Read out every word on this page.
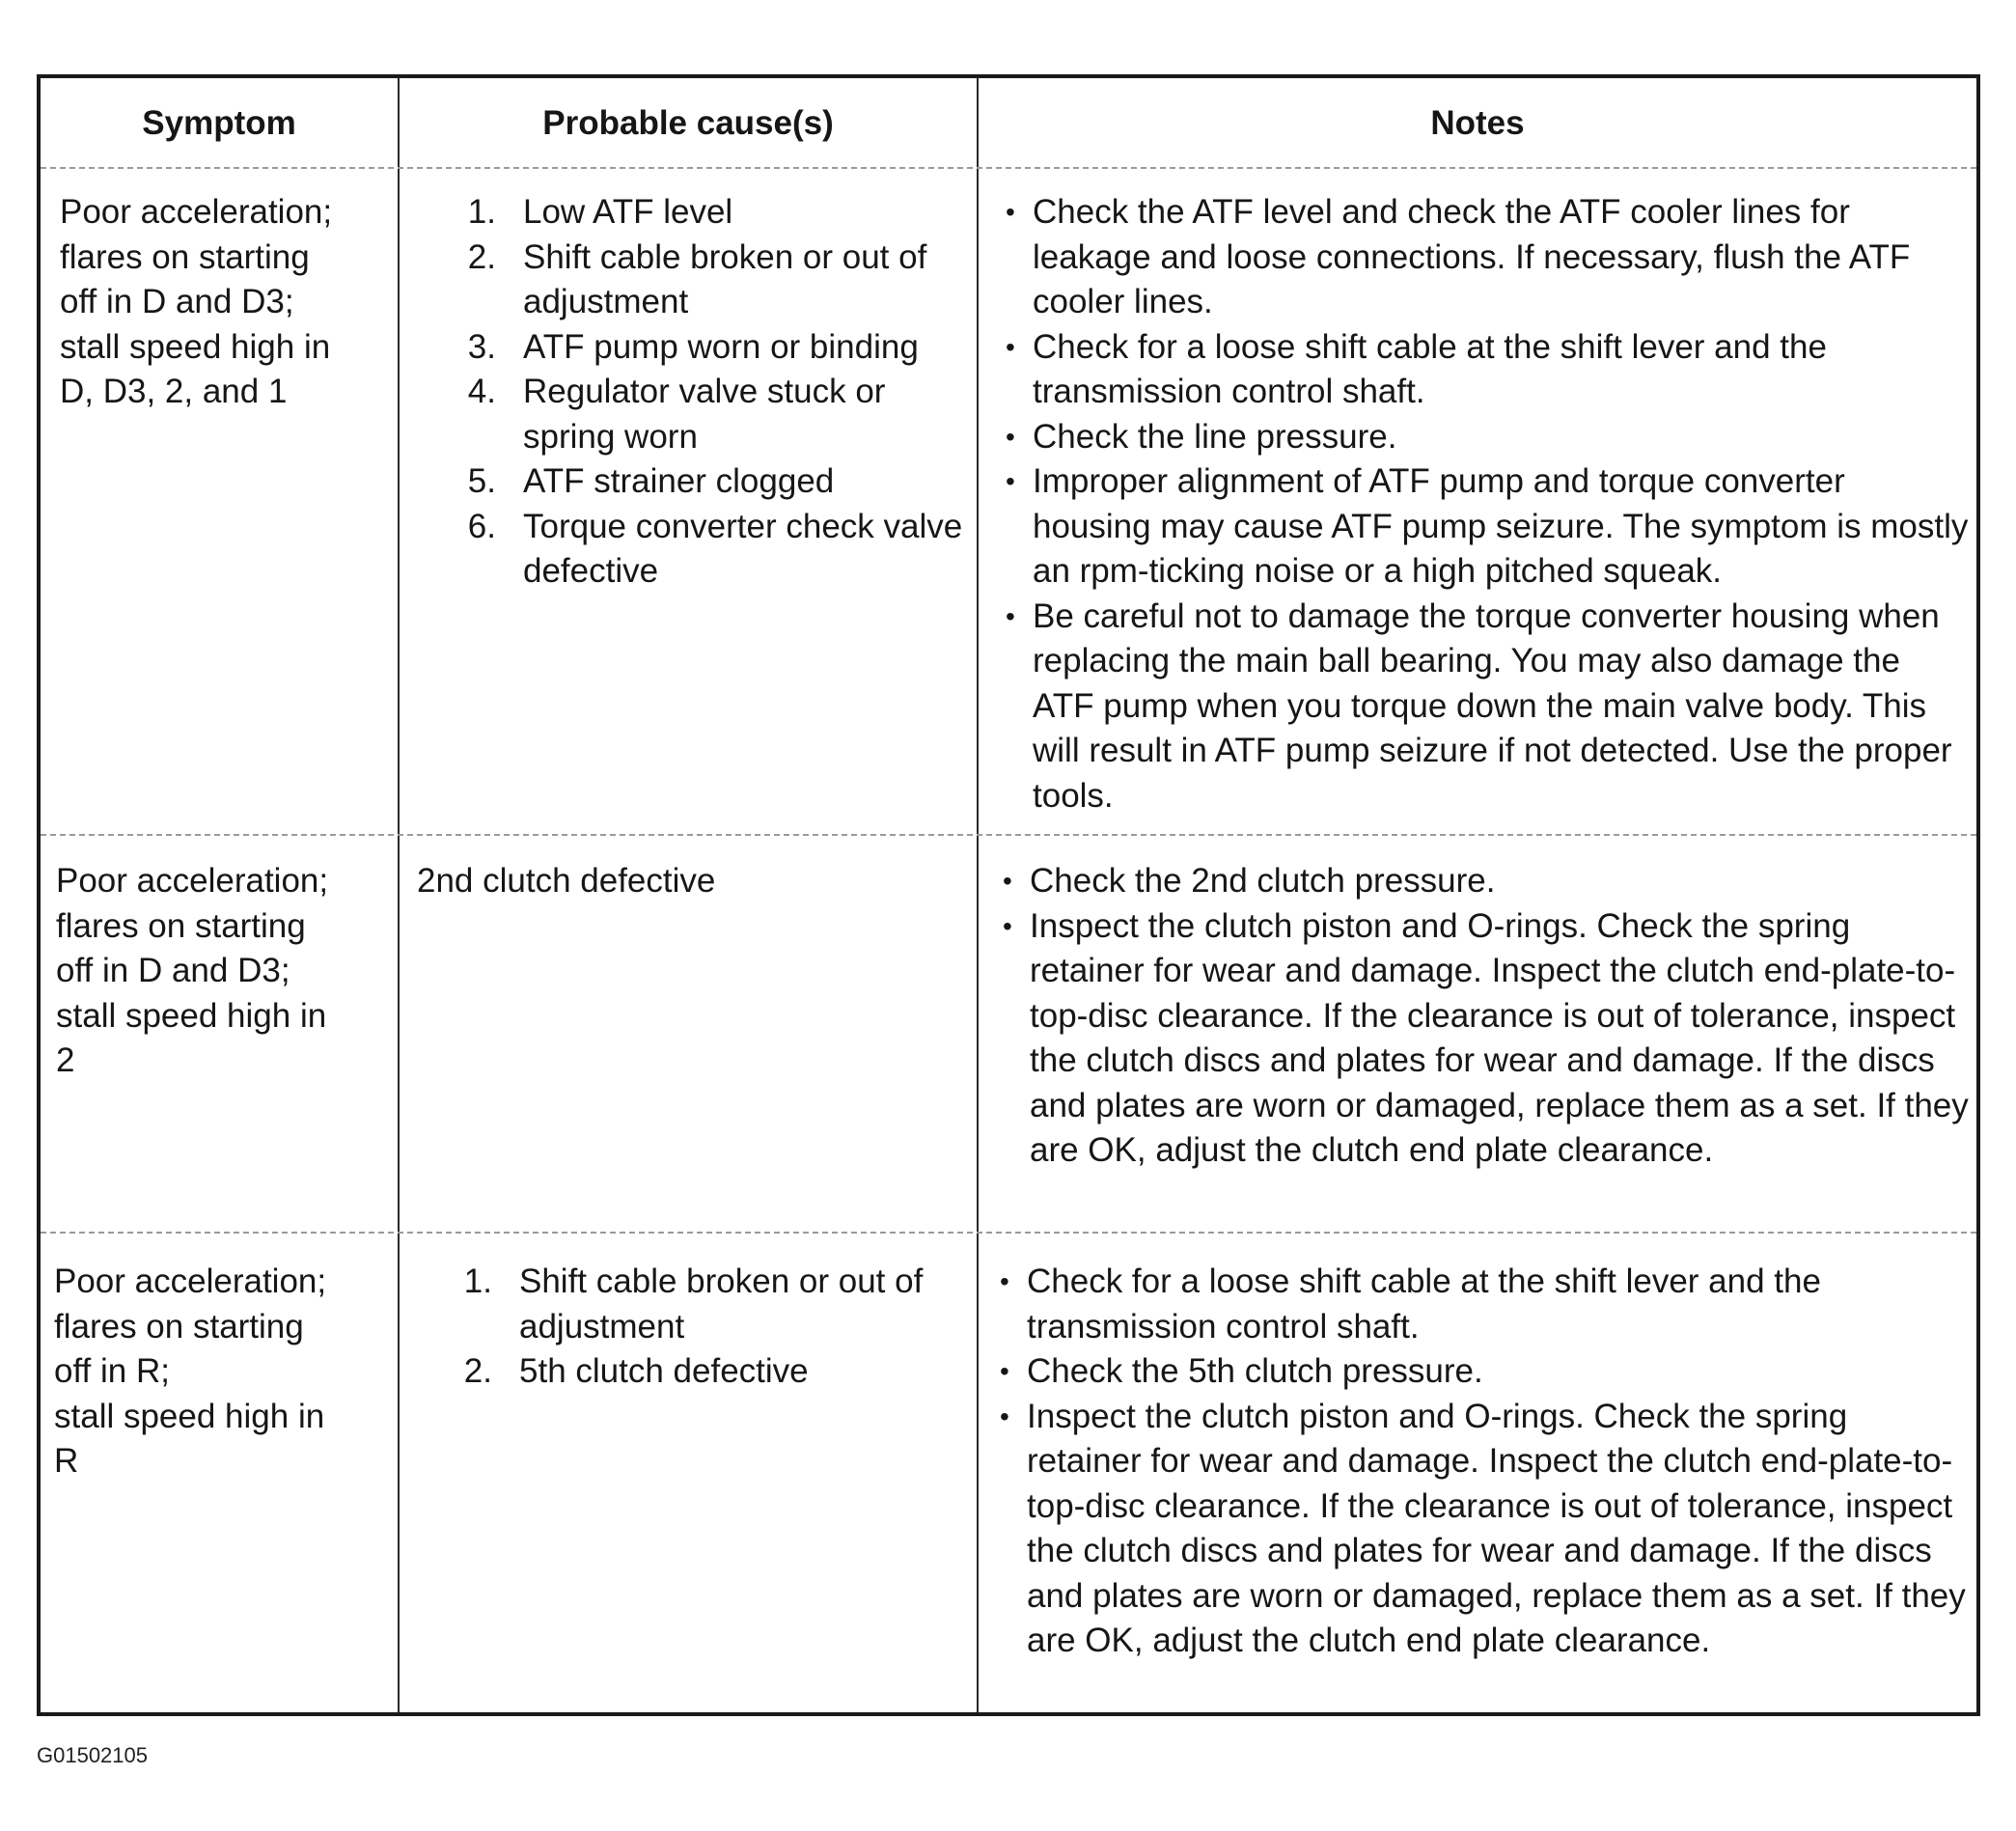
Symptom	Probable cause(s)	Notes
Poor acceleration;
flares on starting
off in D and D3;
stall speed high in
D, D3, 2, and 1
1. Low ATF level
2. Shift cable broken or out of adjustment
3. ATF pump worn or binding
4. Regulator valve stuck or spring worn
5. ATF strainer clogged
6. Torque converter check valve defective
• Check the ATF level and check the ATF cooler lines for leakage and loose connections. If necessary, flush the ATF cooler lines.
• Check for a loose shift cable at the shift lever and the transmission control shaft.
• Check the line pressure.
• Improper alignment of ATF pump and torque converter housing may cause ATF pump seizure. The symptom is mostly an rpm-ticking noise or a high pitched squeak.
• Be careful not to damage the torque converter housing when replacing the main ball bearing. You may also damage the ATF pump when you torque down the main valve body. This will result in ATF pump seizure if not detected. Use the proper tools.
Poor acceleration;
flares on starting
off in D and D3;
stall speed high in
2
2nd clutch defective
•	Check the 2nd clutch pressure.
• Inspect the clutch piston and O-rings. Check the spring retainer for wear and damage. Inspect the clutch end-plate-to-top-disc clearance. If the clearance is out of tolerance, inspect the clutch discs and plates for wear and damage. If the discs and plates are worn or damaged, replace them as a set. If they are OK, adjust the clutch end plate clearance.
Poor acceleration;
flares on starting
off in R;
stall speed high in
R
1. Shift cable broken or out of adjustment
2. 5th clutch defective
• Check for a loose shift cable at the shift lever and the transmission control shaft.
• Check the 5th clutch pressure.
• Inspect the clutch piston and O-rings. Check the spring retainer for wear and damage. Inspect the clutch end-plate-to-top-disc clearance. If the clearance is out of tolerance, inspect the clutch discs and plates for wear and damage. If the discs and plates are worn or damaged, replace them as a set. If they are OK, adjust the clutch end plate clearance.
G01502105
